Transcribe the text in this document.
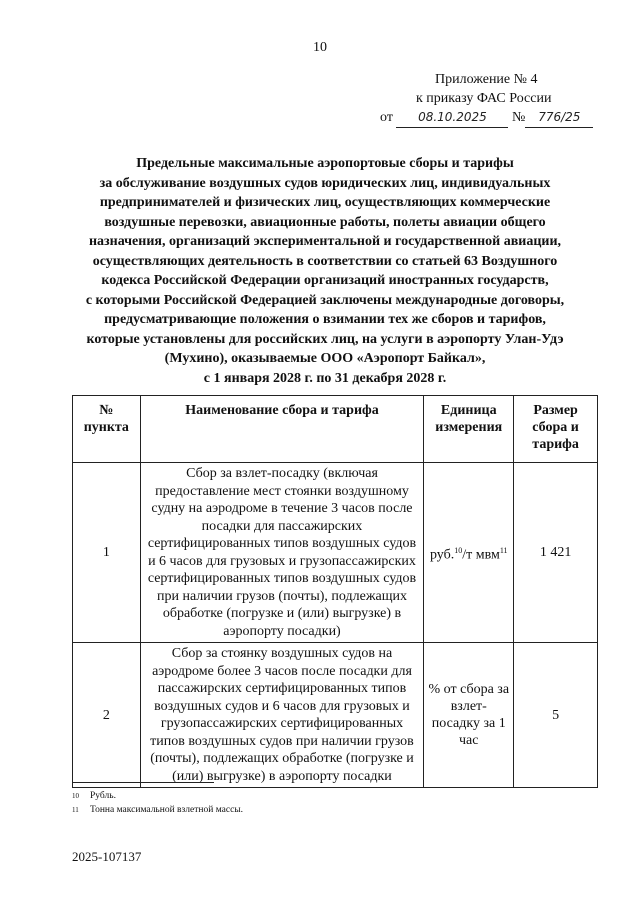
10
Приложение № 4
к приказу ФАС России
от 08.10.2025 № 776/25
Предельные максимальные аэропортовые сборы и тарифы
за обслуживание воздушных судов юридических лиц, индивидуальных
предпринимателей и физических лиц, осуществляющих коммерческие
воздушные перевозки, авиационные работы, полеты авиации общего
назначения, организаций экспериментальной и государственной авиации,
осуществляющих деятельность в соответствии со статьей 63 Воздушного
кодекса Российской Федерации организаций иностранных государств,
с которыми Российской Федерацией заключены международные договоры,
предусматривающие положения о взимании тех же сборов и тарифов,
которые установлены для российских лиц, на услуги в аэропорту Улан-Удэ
(Мухино), оказываемые ООО «Аэропорт Байкал»,
с 1 января 2028 г. по 31 декабря 2028 г.
№ пункта	Наименование сбора и тарифа	Единица измерения	Размер сбора и тарифа
1	Сбор за взлет-посадку (включая предоставление мест стоянки воздушному судну на аэродроме в течение 3 часов после посадки для пассажирских сертифицированных типов воздушных судов и 6 часов для грузовых и грузопассажирских сертифицированных типов воздушных судов при наличии грузов (почты), подлежащих обработке (погрузке и (или) выгрузке) в аэропорту посадки)	руб.$^{10}$/т мвм$^{11}$	1 421
2	Сбор за стоянку воздушных судов на аэродроме более 3 часов после посадки для пассажирских сертифицированных типов воздушных судов и 6 часов для грузовых и грузопассажирских сертифицированных типов воздушных судов при наличии грузов (почты), подлежащих обработке (погрузке и (или) выгрузке) в аэропорту посадки	% от сбора за взлет-посадку за 1 час	5
10	Рубль.
11	Тонна максимальной взлетной массы.
2025-107137
